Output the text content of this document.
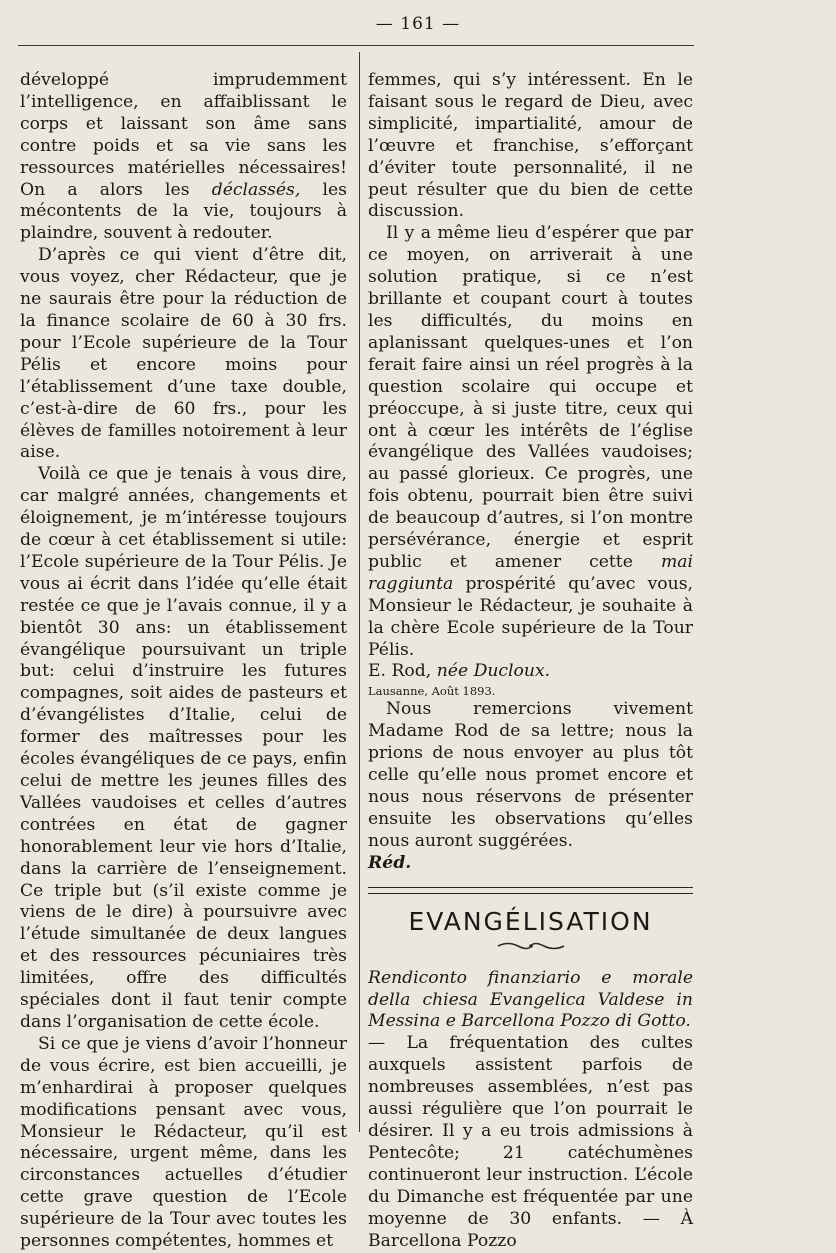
— 161 —

développé imprudemment l’intelligence, en affaiblissant le corps et laissant son âme sans contre poids et sa vie sans les ressources matérielles nécessaires! On a alors les déclassés, les mécontents de la vie, toujours à plaindre, souvent à redouter.

D’après ce qui vient d’être dit, vous voyez, cher Rédacteur, que je ne saurais être pour la réduction de la finance scolaire de 60 à 30 frs. pour l’Ecole supérieure de la Tour Pélis et encore moins pour l’établissement d’une taxe double, c’est-à-dire de 60 frs., pour les élèves de familles notoirement à leur aise.

Voilà ce que je tenais à vous dire, car malgré années, changements et éloignement, je m’intéresse toujours de cœur à cet établissement si utile: l’Ecole supérieure de la Tour Pélis. Je vous ai écrit dans l’idée qu’elle était restée ce que je l’avais connue, il y a bientôt 30 ans: un établissement évangélique poursuivant un triple but: celui d’instruire les futures compagnes, soit aides de pasteurs et d’évangélistes d’Italie, celui de former des maîtresses pour les écoles évangéliques de ce pays, enfin celui de mettre les jeunes filles des Vallées vaudoises et celles d’autres contrées en état de gagner honorablement leur vie hors d’Italie, dans la carrière de l’enseignement. Ce triple but (s’il existe comme je viens de le dire) à poursuivre avec l’étude simultanée de deux langues et des ressources pécuniaires très limitées, offre des difficultés spéciales dont il faut tenir compte dans l’organisation de cette école.

Si ce que je viens d’avoir l’honneur de vous écrire, est bien accueilli, je m’enhardirai à proposer quelques modifications pensant avec vous, Monsieur le Rédacteur, qu’il est nécessaire, urgent même, dans les circonstances actuelles d’étudier cette grave question de l’Ecole supérieure de la Tour avec toutes les personnes compétentes, hommes et

femmes, qui s’y intéressent. En le faisant sous le regard de Dieu, avec simplicité, impartialité, amour de l’œuvre et franchise, s’efforçant d’éviter toute personnalité, il ne peut résulter que du bien de cette discussion.

Il y a même lieu d’espérer que par ce moyen, on arriverait à une solution pratique, si ce n’est brillante et coupant court à toutes les difficultés, du moins en aplanissant quelques-unes et l’on ferait faire ainsi un réel progrès à la question scolaire qui occupe et préoccupe, à si juste titre, ceux qui ont à cœur les intérêts de l’église évangélique des Vallées vaudoises; au passé glorieux. Ce progrès, une fois obtenu, pourrait bien être suivi de beaucoup d’autres, si l’on montre persévérance, énergie et esprit public et amener cette mai raggiunta prospérité qu’avec vous, Monsieur le Rédacteur, je souhaite à la chère Ecole supérieure de la Tour Pélis.

E. Rod, née Ducloux.

Lausanne, Août 1893.

Nous remercions vivement Madame Rod de sa lettre; nous la prions de nous envoyer au plus tôt celle qu’elle nous promet encore et nous nous réservons de présenter ensuite les observations qu’elles nous auront suggérées.

Réd.

EVANGÉLISATION

Rendiconto finanziario e morale della chiesa Evangelica Valdese in Messina e Barcellona Pozzo di Gotto.

— La fréquentation des cultes auxquels assistent parfois de nombreuses assemblées, n’est pas aussi régulière que l’on pourrait le désirer. Il y a eu trois admissions à Pentecôte; 21 catéchumènes continueront leur instruction. L’école du Dimanche est fréquentée par une moyenne de 30 enfants. — À Barcellona Pozzo
